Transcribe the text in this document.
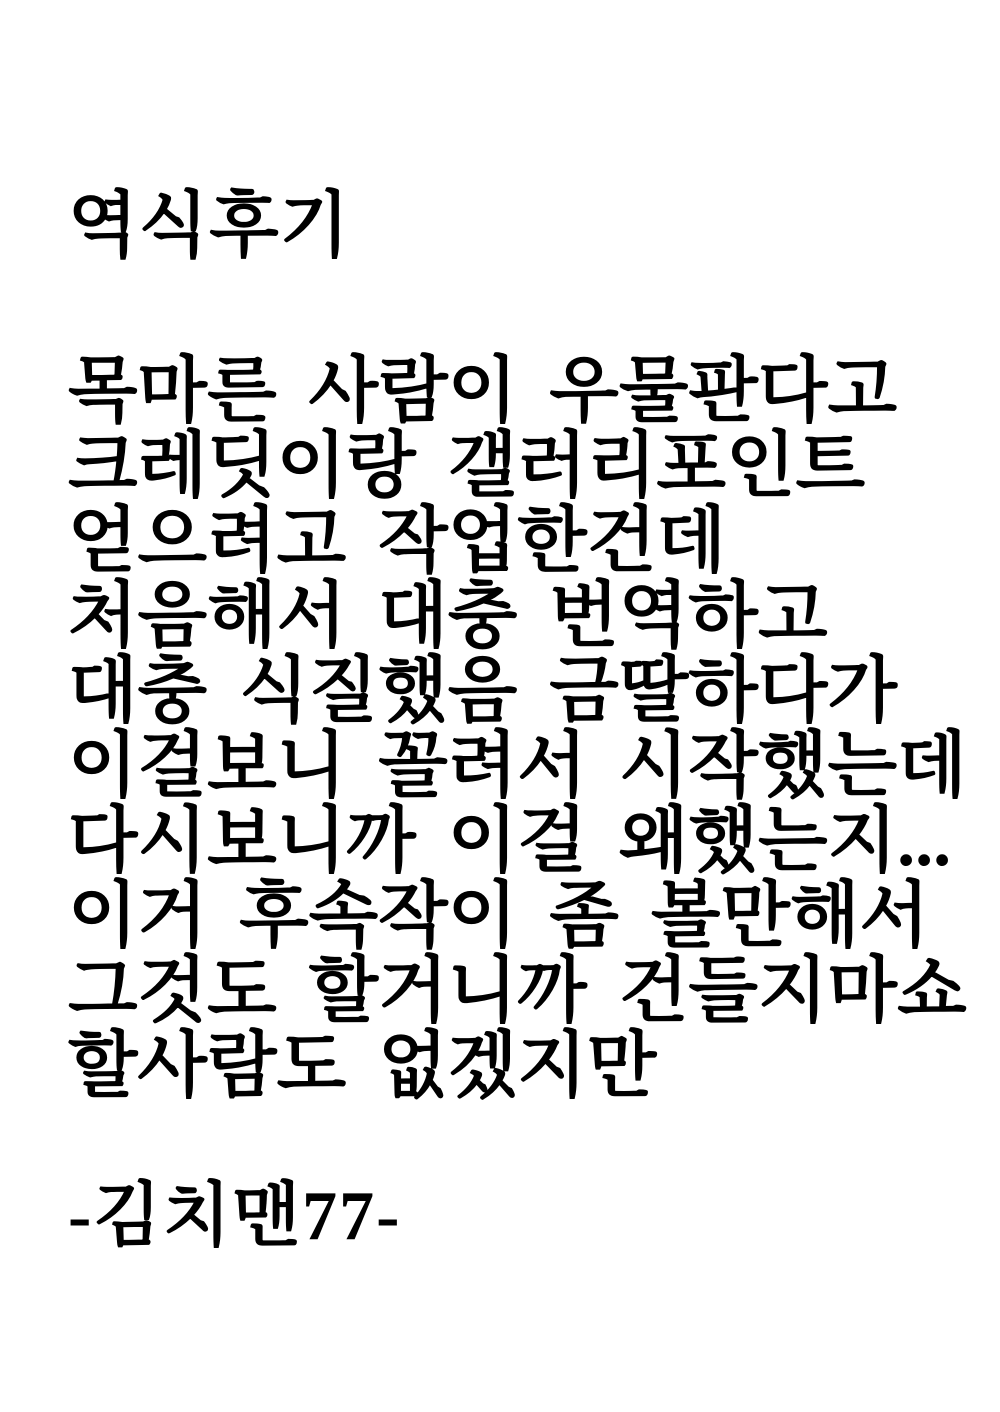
역식후기

목마른 사람이 우물판다고

크레딧이랑 갤러리포인트

얻으려고 작업한건데

처음해서 대충 번역하고

대충 식질했음 금딸하다가

이걸보니 꼴려서 시작했는데

다시보니까 이걸 왜했는지...

이거 후속작이 좀 볼만해서

그것도 할거니까 건들지마쇼

할사람도 없겠지만

-김치맨77-
